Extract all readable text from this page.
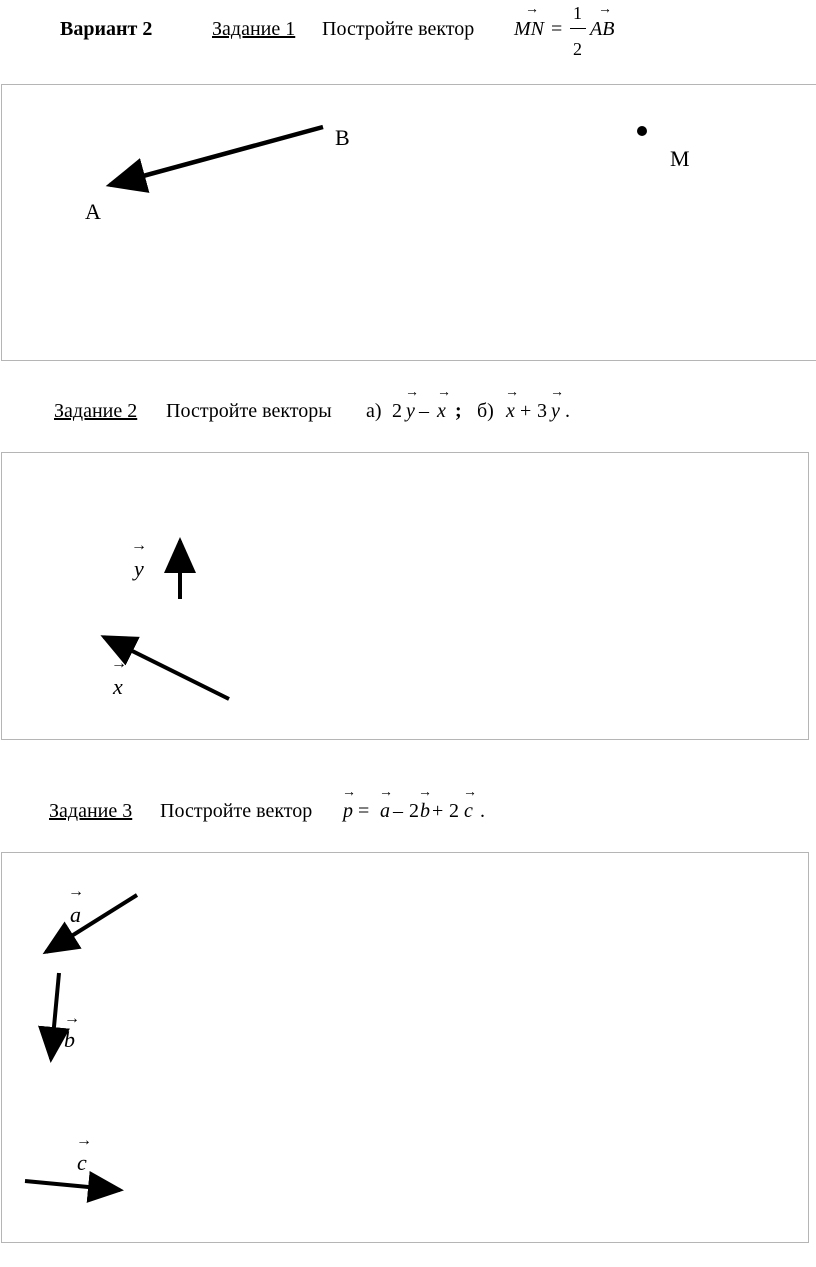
Вариант 2	Задание 1 Постройте вектор
→
MN =
1
2
→
AB
B
A
M
Задание 2 Постройте векторы а) 2
→
y –
→
x ; б)
→
x + 3
→
y .
→
y
→
x
Задание 3 Постройте вектор
→
p =
→
a – 2
→
b + 2
→
c .
→
a
→
b
→
c
